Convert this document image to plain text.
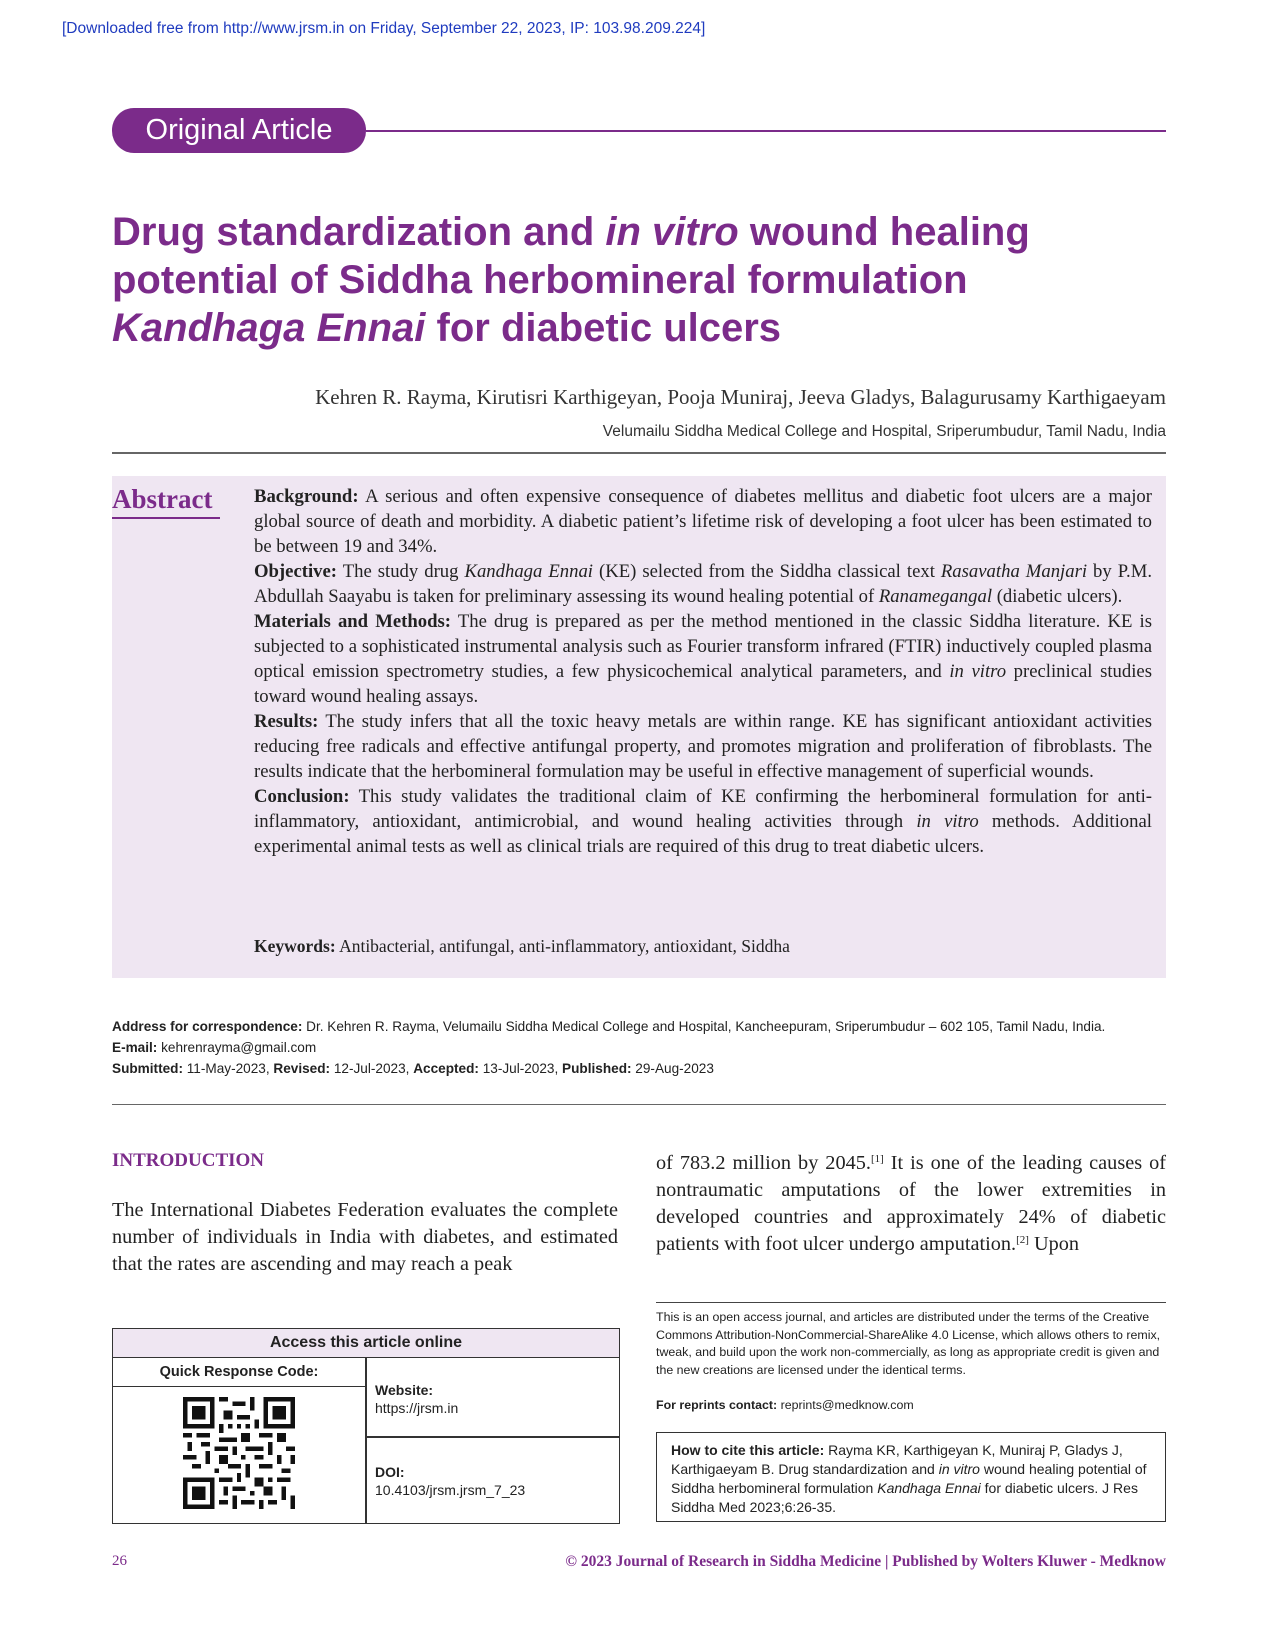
[Downloaded free from http://www.jrsm.in on Friday, September 22, 2023, IP: 103.98.209.224]
Original Article
Drug standardization and in vitro wound healing potential of Siddha herbomineral formulation Kandhaga Ennai for diabetic ulcers
Kehren R. Rayma, Kirutisri Karthigeyan, Pooja Muniraj, Jeeva Gladys, Balagurusamy Karthigaeyam
Velumailu Siddha Medical College and Hospital, Sriperumbudur, Tamil Nadu, India
Abstract	Background: A serious and often expensive consequence of diabetes mellitus and diabetic foot ulcers are a major global source of death and morbidity. A diabetic patient’s lifetime risk of developing a foot ulcer has been estimated to be between 19 and 34%.

Objective: The study drug Kandhaga Ennai (KE) selected from the Siddha classical text Rasavatha Manjari by P.M. Abdullah Saayabu is taken for preliminary assessing its wound healing potential of Ranamegangal (diabetic ulcers).

Materials and Methods: The drug is prepared as per the method mentioned in the classic Siddha literature. KE is subjected to a sophisticated instrumental analysis such as Fourier transform infrared (FTIR) inductively coupled plasma optical emission spectrometry studies, a few physicochemical analytical parameters, and in vitro preclinical studies toward wound healing assays.

Results: The study infers that all the toxic heavy metals are within range. KE has significant antioxidant activities reducing free radicals and effective antifungal property, and promotes migration and proliferation of fibroblasts. The results indicate that the herbomineral formulation may be useful in effective management of superficial wounds.

Conclusion: This study validates the traditional claim of KE confirming the herbomineral formulation for anti-inflammatory, antioxidant, antimicrobial, and wound healing activities through in vitro methods. Additional experimental animal tests as well as clinical trials are required of this drug to treat diabetic ulcers.

Keywords: Antibacterial, antifungal, anti-inflammatory, antioxidant, Siddha

Address for correspondence: Dr. Kehren R. Rayma, Velumailu Siddha Medical College and Hospital, Kancheepuram, Sriperumbudur – 602 105, Tamil Nadu, India.

E-mail: kehrenrayma@gmail.com

Submitted: 11-May-2023, Revised: 12-Jul-2023, Accepted: 13-Jul-2023, Published: 29-Aug-2023

INTRODUCTION
The International Diabetes Federation evaluates the complete number of individuals in India with diabetes, and estimated that the rates are ascending and may reach a peak
of 783.2 million by 2045.[1] It is one of the leading causes of nontraumatic amputations of the lower extremities in developed countries and approximately 24% of diabetic patients with foot ulcer undergo amputation.[2] Upon
Access this article online
Quick Response Code:
Website:
https://jrsm.in
DOI:
10.4103/jrsm.jrsm_7_23
This is an open access journal, and articles are distributed under the terms of the Creative Commons Attribution-NonCommercial-ShareAlike 4.0 License, which allows others to remix, tweak, and build upon the work non-commercially, as long as appropriate credit is given and the new creations are licensed under the identical terms.
For reprints contact: reprints@medknow.com
How to cite this article: Rayma KR, Karthigeyan K, Muniraj P, Gladys J, Karthigaeyam B. Drug standardization and in vitro wound healing potential of Siddha herbomineral formulation Kandhaga Ennai for diabetic ulcers. J Res Siddha Med 2023;6:26-35.
26	© 2023 Journal of Research in Siddha Medicine | Published by Wolters Kluwer - Medknow
